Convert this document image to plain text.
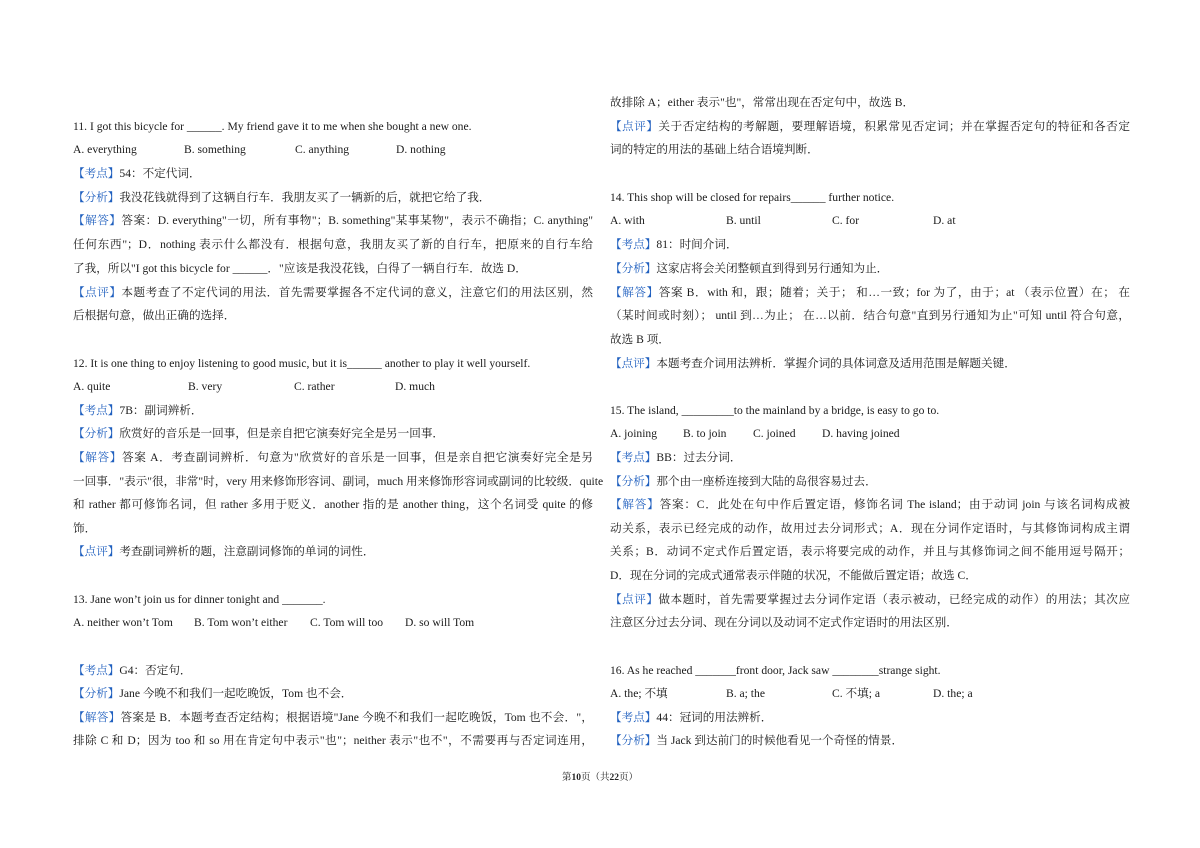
11. I got this bicycle for ______. My friend gave it to me when she bought a new one.
A. everything	B. something	C. anything	D. nothing
【考点】54：不定代词．
【分析】我没花钱就得到了这辆自行车．我朋友买了一辆新的后，就把它给了我．
【解答】答案：D. everything"一切，所有事物"；B. something"某事某物"，表示不确指；C. anything"
任何东西"；D．nothing 表示什么都没有．根据句意，我朋友买了新的自行车，把原来的自行车给
了我，所以"I got this bicycle for ______．"应该是我没花钱，白得了一辆自行车．故选 D．
【点评】本题考查了不定代词的用法．首先需要掌握各不定代词的意义，注意它们的用法区别，然
后根据句意，做出正确的选择．
12. It is one thing to enjoy listening to good music, but it is______ another to play it well yourself.
A. quite	B. very	C. rather	D. much
【考点】7B：副词辨析．
【分析】欣赏好的音乐是一回事，但是亲自把它演奏好完全是另一回事．
【解答】答案 A．考查副词辨析．句意为"欣赏好的音乐是一回事，但是亲自把它演奏好完全是另
一回事．"表示"很，非常"时，very 用来修饰形容词、副词，much 用来修饰形容词或副词的比较级．quite
和 rather 都可修饰名词，但 rather 多用于贬义．another 指的是 another thing，这个名词受 quite 的修
饰．
【点评】考查副词辨析的题，注意副词修饰的单词的词性．
13. Jane won’t join us for dinner tonight and _______.
A. neither won’t Tom	B. Tom won’t either	C. Tom will too	D. so will Tom
【考点】G4：否定句．
【分析】Jane 今晚不和我们一起吃晚饭，Tom 也不会．
【解答】答案是 B．本题考查否定结构；根据语境"Jane 今晚不和我们一起吃晚饭，Tom 也不会．"，
排除 C 和 D；因为 too 和 so 用在肯定句中表示"也"；neither 表示"也不"，不需要再与否定词连用，
故排除 A；either 表示"也"，常常出现在否定句中，故选 B．
【点评】关于否定结构的考解题，要理解语境，积累常见否定词；并在掌握否定句的特征和各否定
词的特定的用法的基础上结合语境判断．
14. This shop will be closed for repairs______ further notice.
A. with	B. until	C. for	D. at
【考点】81：时间介词．
【分析】这家店将会关闭整顿直到得到另行通知为止．
【解答】答案 B．with 和，跟；随着；关于； 和…一致；for 为了，由于；at （表示位置）在； 在
（某时间或时刻）； until 到…为止； 在…以前．结合句意"直到另行通知为止"可知 until 符合句意，
故选 B 项．
【点评】本题考查介词用法辨析．掌握介词的具体词意及适用范围是解题关键．
15. The island, _________to the mainland by a bridge, is easy to go to.
A. joining	B. to join	C. joined	D. having joined
【考点】BB：过去分词．
【分析】那个由一座桥连接到大陆的岛很容易过去．
【解答】答案：C．此处在句中作后置定语，修饰名词 The island；由于动词 join 与该名词构成被
动关系，表示已经完成的动作，故用过去分词形式；A．现在分词作定语时，与其修饰词构成主谓
关系；B．动词不定式作后置定语，表示将要完成的动作，并且与其修饰词之间不能用逗号隔开；
D．现在分词的完成式通常表示伴随的状况，不能做后置定语；故选 C．
【点评】做本题时，首先需要掌握过去分词作定语（表示被动，已经完成的动作）的用法；其次应
注意区分过去分词、现在分词以及动词不定式作定语时的用法区别．
16. As he reached _______front door, Jack saw ________strange sight.
A. the; 不填	B. a; the	C. 不填; a	D. the; a
【考点】44：冠词的用法辨析．
【分析】当 Jack 到达前门的时候他看见一个奇怪的情景．
第10页（共22页）
